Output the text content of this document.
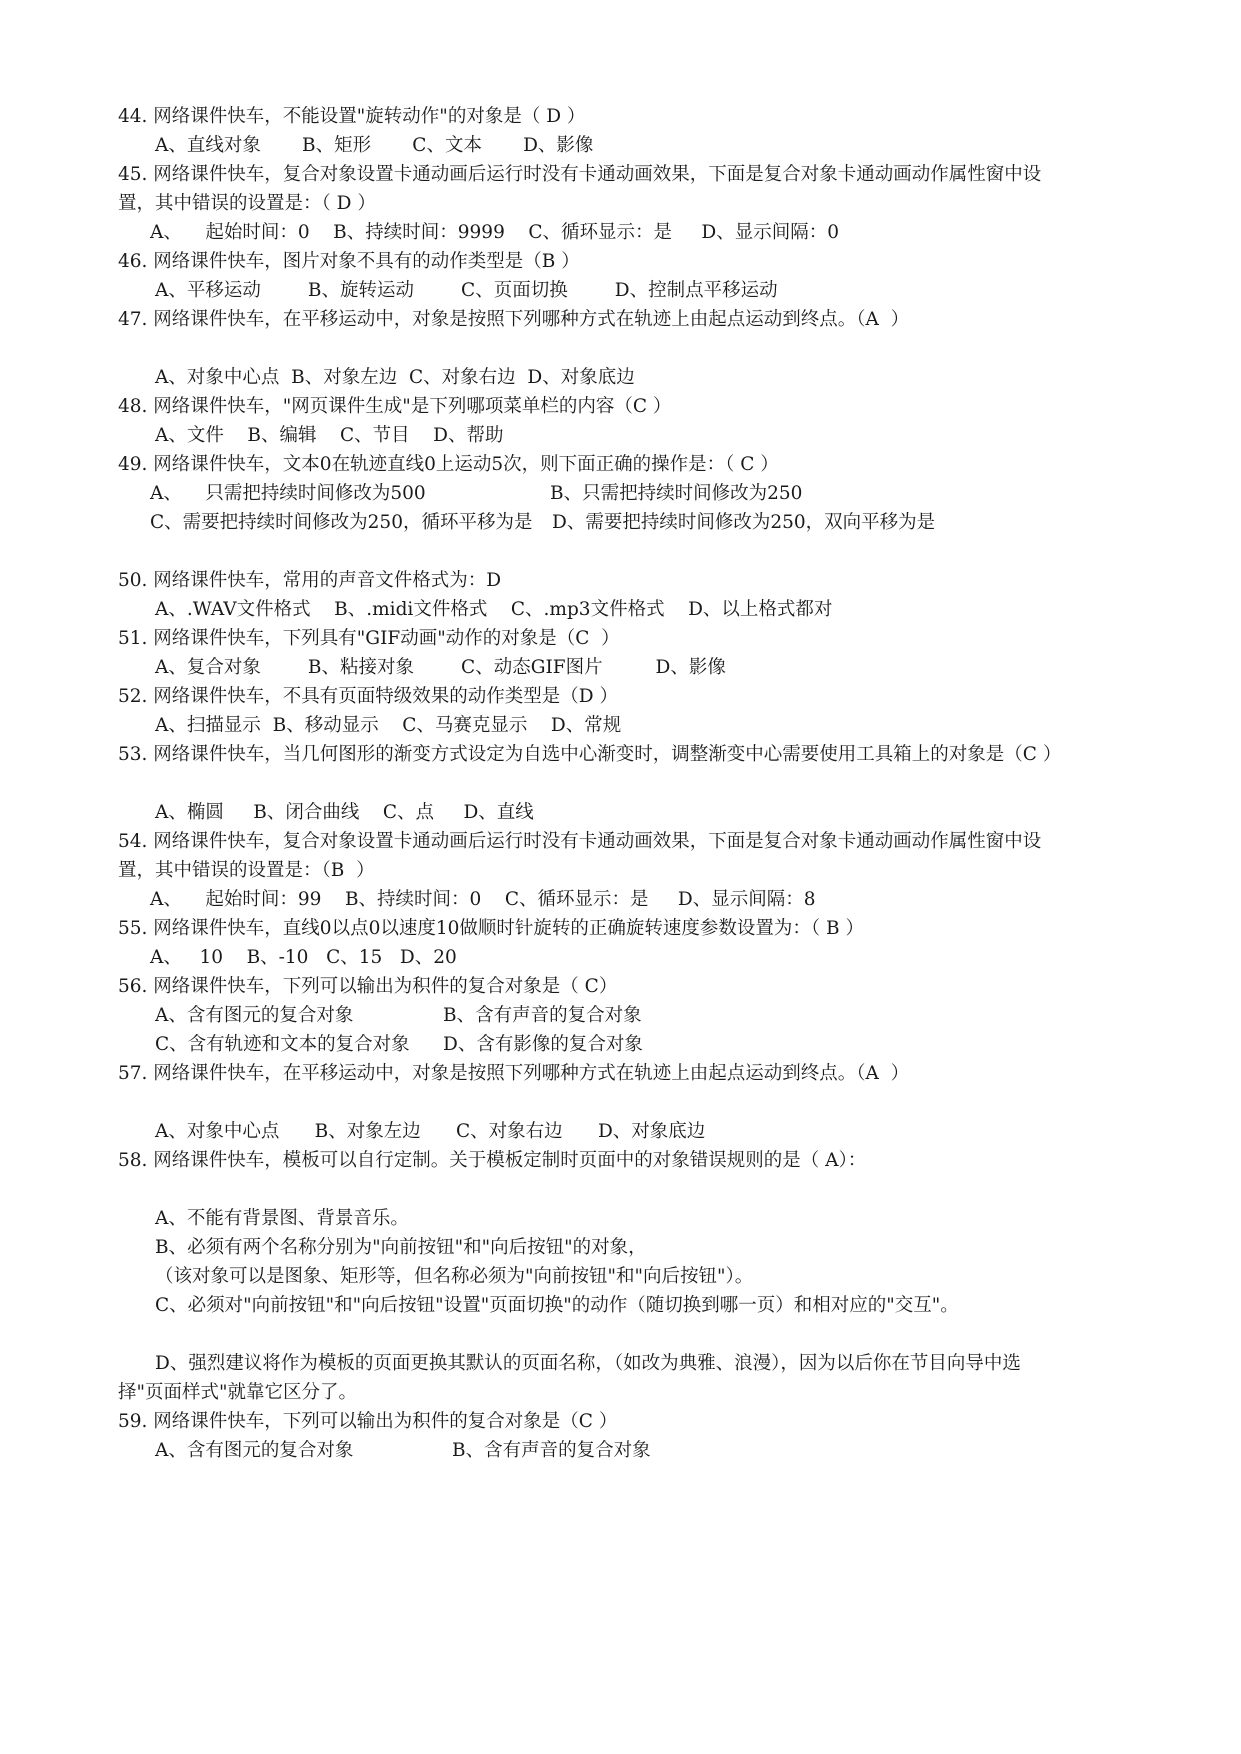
44. 网络课件快车，不能设置"旋转动作"的对象是（ D ）
A、直线对象       B、矩形       C、文本       D、影像
45. 网络课件快车，复合对象设置卡通动画后运行时没有卡通动画效果，下面是复合对象卡通动画动作属性窗中设
置，其中错误的设置是：（ D ）
A、    起始时间：0    B、持续时间：9999    C、循环显示：是     D、显示间隔：0
46. 网络课件快车，图片对象不具有的动作类型是（B ）
A、平移运动        B、旋转运动        C、页面切换        D、控制点平移运动
47. 网络课件快车，在平移运动中，对象是按照下列哪种方式在轨迹上由起点运动到终点。（A  ）
A、对象中心点  B、对象左边  C、对象右边  D、对象底边
48. 网络课件快车，"网页课件生成"是下列哪项菜单栏的内容（C ）
A、文件    B、编辑    C、节目    D、帮助
49. 网络课件快车，文本0在轨迹直线0上运动5次，则下面正确的操作是：（ C ）
A、    只需把持续时间修改为500	B、只需把持续时间修改为250
C、需要把持续时间修改为250，循环平移为是 D、需要把持续时间修改为250，双向平移为是
50. 网络课件快车，常用的声音文件格式为：D
A、.WAV文件格式    B、.midi文件格式    C、.mp3文件格式    D、以上格式都对
51. 网络课件快车，下列具有"GIF动画"动作的对象是（C  ）
A、复合对象        B、粘接对象        C、动态GIF图片         D、影像
52. 网络课件快车，不具有页面特级效果的动作类型是（D ）
A、扫描显示  B、移动显示    C、马赛克显示    D、常规
53. 网络课件快车，当几何图形的渐变方式设定为自选中心渐变时，调整渐变中心需要使用工具箱上的对象是（C ）
A、椭圆     B、闭合曲线    C、点     D、直线
54. 网络课件快车，复合对象设置卡通动画后运行时没有卡通动画效果，下面是复合对象卡通动画动作属性窗中设
置，其中错误的设置是：（B  ）
A、    起始时间：99    B、持续时间：0    C、循环显示：是     D、显示间隔：8
55. 网络课件快车，直线0以点0以速度10做顺时针旋转的正确旋转速度参数设置为：（ B ）
A、   10    B、-10   C、15   D、20
56. 网络课件快车，下列可以输出为积件的复合对象是（ C）
A、含有图元的复合对象	B、含有声音的复合对象
C、含有轨迹和文本的复合对象 D、含有影像的复合对象
57. 网络课件快车，在平移运动中，对象是按照下列哪种方式在轨迹上由起点运动到终点。（A  ）
A、对象中心点      B、对象左边      C、对象右边      D、对象底边
58. 网络课件快车，模板可以自行定制。关于模板定制时页面中的对象错误规则的是（ A）：
A、不能有背景图、背景音乐。
B、必须有两个名称分别为"向前按钮"和"向后按钮"的对象，
（该对象可以是图象、矩形等，但名称必须为"向前按钮"和"向后按钮"）。
C、必须对"向前按钮"和"向后按钮"设置"页面切换"的动作（随切换到哪一页）和相对应的"交互"。
D、强烈建议将作为模板的页面更换其默认的页面名称，（如改为典雅、浪漫），因为以后你在节目向导中选
择"页面样式"就靠它区分了。
59. 网络课件快车，下列可以输出为积件的复合对象是（C ）
A、含有图元的复合对象	B、含有声音的复合对象
